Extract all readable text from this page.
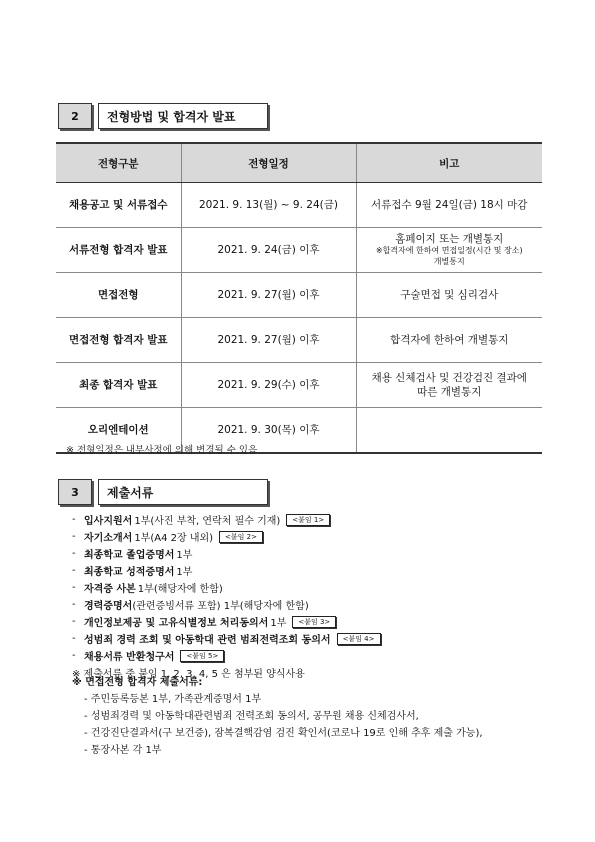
2	전형방법 및 합격자 발표
전형구분	전형일정	비고
채용공고 및 서류접수	2021. 9. 13(월) ~ 9. 24(금)	서류접수 9월 24일(금) 18시 마감
서류전형 합격자 발표	2021. 9. 24(금) 이후	홈페이지 또는 개별통지
※합격자에 한하여 면접일정(시간 및 장소)
개별통지

면접전형	2021. 9. 27(월) 이후	구술면접 및 심리검사
면접전형 합격자 발표	2021. 9. 27(월) 이후	합격자에 한하여 개별통지
최종 합격자 발표	2021. 9. 29(수) 이후	채용 신체검사 및 건강검진 결과에
따른 개별통지

오리엔테이션	2021. 9. 30(목) 이후	
※ 전형일정은 내부사정에 의해 변경될 수 있음
3	제출서류
- 입사지원서 1부(사진 부착, 연락처 필수 기재)	<붙임 1>
- 자기소개서 1부(A4 2장 내외)	<붙임 2>
- 최종학교 졸업증명서 1부
- 최종학교 성적증명서 1부
- 자격증 사본 1부(해당자에 한함)
- 경력증명서 (관련증빙서류 포함) 1부(해당자에 한함)
- 개인정보제공 및 고유식별정보 처리동의서 1부	<붙임 3>
- 성범죄 경력 조회 및 아동학대 관련 범죄전력조회 동의서	<붙임 4>
- 채용서류 반환청구서	<붙임 5>
※ 제출서류 중 붙임 1, 2, 3, 4, 5 은 첨부된 양식사용
※ 면접전형 합격자 제출서류:
- 주민등록등본 1부, 가족관계증명서 1부
- 성범죄경력 및 아동학대관련범죄 전력조회 동의서, 공무원 채용 신체검사서,
- 건강진단결과서(구 보건증), 잠복결핵감염 검진 확인서(코로나 19로 인해 추후 제출 가능),
- 통장사본 각 1부
